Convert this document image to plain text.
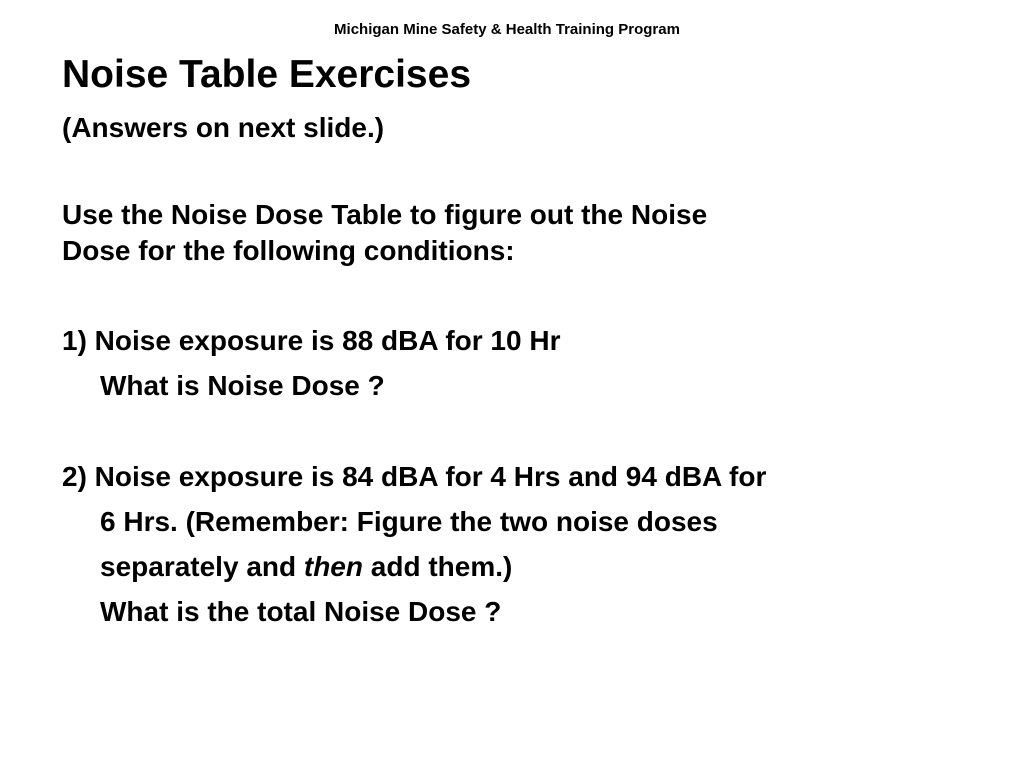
Michigan Mine Safety & Health Training Program
Noise Table Exercises
(Answers on next slide.)
Use the Noise Dose Table to figure out the Noise
Dose for the following conditions:
1) Noise exposure is 88 dBA for 10 Hr
What is Noise Dose ?
2) Noise exposure is 84 dBA for 4 Hrs and 94 dBA for
6 Hrs. (Remember: Figure the two noise doses
separately and then add them.)
What is the total Noise Dose ?
